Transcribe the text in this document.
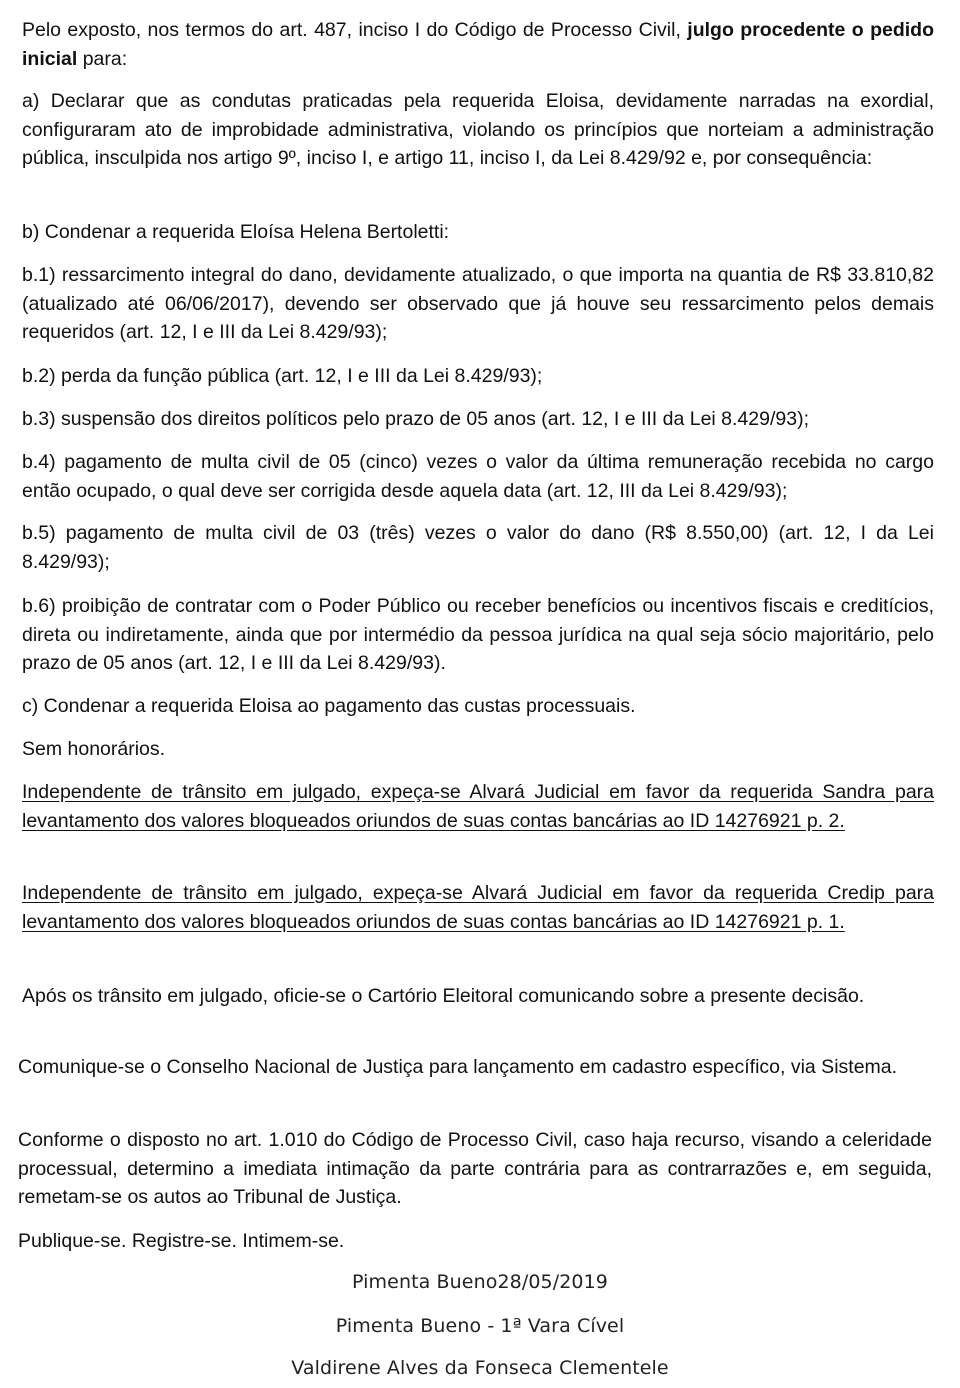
Pelo exposto, nos termos do art. 487, inciso I do Código de Processo Civil, julgo procedente o pedido inicial para:

a) Declarar que as condutas praticadas pela requerida Eloisa, devidamente narradas na exordial, configuraram ato de improbidade administrativa, violando os princípios que norteiam a administração pública, insculpida nos artigo 9º, inciso I, e artigo 11, inciso I, da Lei 8.429/92 e, por consequência:

b) Condenar a requerida Eloísa Helena Bertoletti:

b.1) ressarcimento integral do dano, devidamente atualizado, o que importa na quantia de R$ 33.810,82 (atualizado até 06/06/2017), devendo ser observado que já houve seu ressarcimento pelos demais requeridos (art. 12, I e III da Lei 8.429/93);

b.2) perda da função pública (art. 12, I e III da Lei 8.429/93);

b.3) suspensão dos direitos políticos pelo prazo de 05 anos (art. 12, I e III da Lei 8.429/93);

b.4) pagamento de multa civil de 05 (cinco) vezes o valor da última remuneração recebida no cargo então ocupado, o qual deve ser corrigida desde aquela data (art. 12, III da Lei 8.429/93);

b.5) pagamento de multa civil de 03 (três) vezes o valor do dano (R$ 8.550,00) (art. 12, I da Lei 8.429/93);

b.6) proibição de contratar com o Poder Público ou receber benefícios ou incentivos fiscais e creditícios, direta ou indiretamente, ainda que por intermédio da pessoa jurídica na qual seja sócio majoritário, pelo prazo de 05 anos (art. 12, I e III da Lei 8.429/93).

c) Condenar a requerida Eloisa ao pagamento das custas processuais.

Sem honorários.

Independente de trânsito em julgado, expeça-se Alvará Judicial em favor da requerida Sandra para levantamento dos valores bloqueados oriundos de suas contas bancárias ao ID 14276921 p. 2.

Independente de trânsito em julgado, expeça-se Alvará Judicial em favor da requerida Credip para levantamento dos valores bloqueados oriundos de suas contas bancárias ao ID 14276921 p. 1.

Após os trânsito em julgado, oficie-se o Cartório Eleitoral comunicando sobre a presente decisão.

Comunique-se o Conselho Nacional de Justiça para lançamento em cadastro específico, via Sistema.

Conforme o disposto no art. 1.010 do Código de Processo Civil, caso haja recurso, visando a celeridade processual, determino a imediata intimação da parte contrária para as contrarrazões e, em seguida, remetam-se os autos ao Tribunal de Justiça.

Publique-se. Registre-se. Intimem-se.

Pimenta Bueno28/05/2019
Pimenta Bueno - 1ª Vara Cível
Valdirene Alves da Fonseca Clementele
